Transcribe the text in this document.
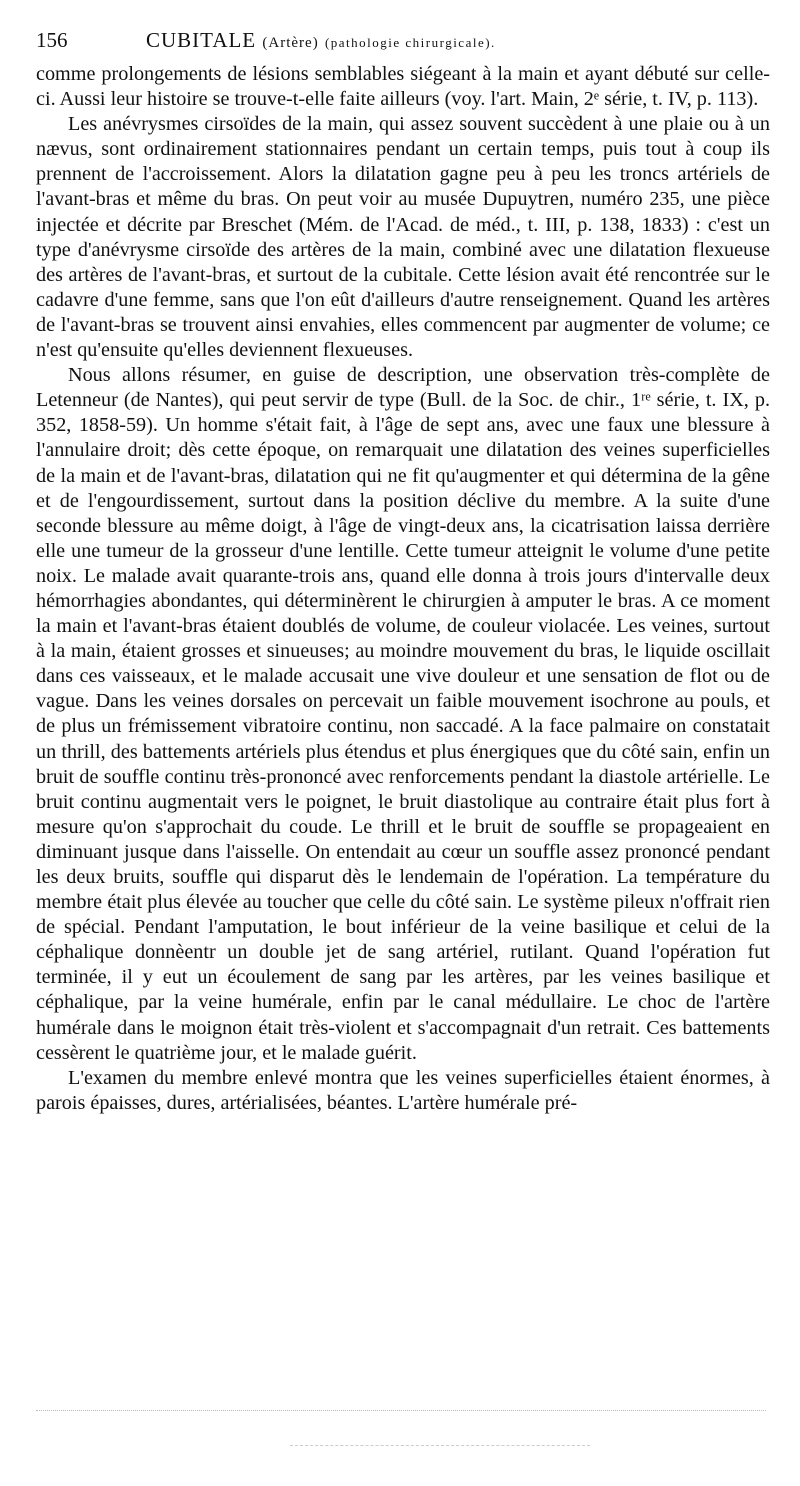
156	CUBITALE (Artère) (pathologie chirurgicale).

comme prolongements de lésions semblables siégeant à la main et ayant débuté sur celle-ci. Aussi leur histoire se trouve-t-elle faite ailleurs (voy. l'art. Main, 2ᵉ série, t. IV, p. 113).

Les anévrysmes cirsoïdes de la main, qui assez souvent succèdent à une plaie ou à un nævus, sont ordinairement stationnaires pendant un certain temps, puis tout à coup ils prennent de l'accroissement. Alors la dilatation gagne peu à peu les troncs artériels de l'avant-bras et même du bras. On peut voir au musée Dupuytren, numéro 235, une pièce injectée et décrite par Breschet (Mém. de l'Acad. de méd., t. III, p. 138, 1833) : c'est un type d'anévrysme cirsoïde des artères de la main, combiné avec une dilatation flexueuse des artères de l'avant-bras, et surtout de la cubitale. Cette lésion avait été rencontrée sur le cadavre d'une femme, sans que l'on eût d'ailleurs d'autre renseignement. Quand les artères de l'avant-bras se trouvent ainsi envahies, elles commencent par augmenter de volume; ce n'est qu'ensuite qu'elles deviennent flexueuses.

Nous allons résumer, en guise de description, une observation très-complète de Letenneur (de Nantes), qui peut servir de type (Bull. de la Soc. de chir., 1ʳᵉ série, t. IX, p. 352, 1858-59). Un homme s'était fait, à l'âge de sept ans, avec une faux une blessure à l'annulaire droit; dès cette époque, on remarquait une dilatation des veines superficielles de la main et de l'avant-bras, dilatation qui ne fit qu'augmenter et qui détermina de la gêne et de l'engourdissement, surtout dans la position déclive du membre. A la suite d'une seconde blessure au même doigt, à l'âge de vingt-deux ans, la cicatrisation laissa derrière elle une tumeur de la grosseur d'une lentille. Cette tumeur atteignit le volume d'une petite noix. Le malade avait quarante-trois ans, quand elle donna à trois jours d'intervalle deux hémorrhagies abondantes, qui déterminèrent le chirurgien à amputer le bras. A ce moment la main et l'avant-bras étaient doublés de volume, de couleur violacée. Les veines, surtout à la main, étaient grosses et sinueuses; au moindre mouvement du bras, le liquide oscillait dans ces vaisseaux, et le malade accusait une vive douleur et une sensation de flot ou de vague. Dans les veines dorsales on percevait un faible mouvement isochrone au pouls, et de plus un frémissement vibratoire continu, non saccadé. A la face palmaire on constatait un thrill, des battements artériels plus étendus et plus énergiques que du côté sain, enfin un bruit de souffle continu très-prononcé avec renforcements pendant la diastole artérielle. Le bruit continu augmentait vers le poignet, le bruit diastolique au contraire était plus fort à mesure qu'on s'approchait du coude. Le thrill et le bruit de souffle se propageaient en diminuant jusque dans l'aisselle. On entendait au cœur un souffle assez prononcé pendant les deux bruits, souffle qui disparut dès le lendemain de l'opération. La température du membre était plus élevée au toucher que celle du côté sain. Le système pileux n'offrait rien de spécial. Pendant l'amputation, le bout inférieur de la veine basilique et celui de la céphalique donnèentr un double jet de sang artériel, rutilant. Quand l'opération fut terminée, il y eut un écoulement de sang par les artères, par les veines basilique et céphalique, par la veine humérale, enfin par le canal médullaire. Le choc de l'artère humérale dans le moignon était très-violent et s'accompagnait d'un retrait. Ces battements cessèrent le quatrième jour, et le malade guérit.

L'examen du membre enlevé montra que les veines superficielles étaient énormes, à parois épaisses, dures, artérialisées, béantes. L'artère humérale pré-
